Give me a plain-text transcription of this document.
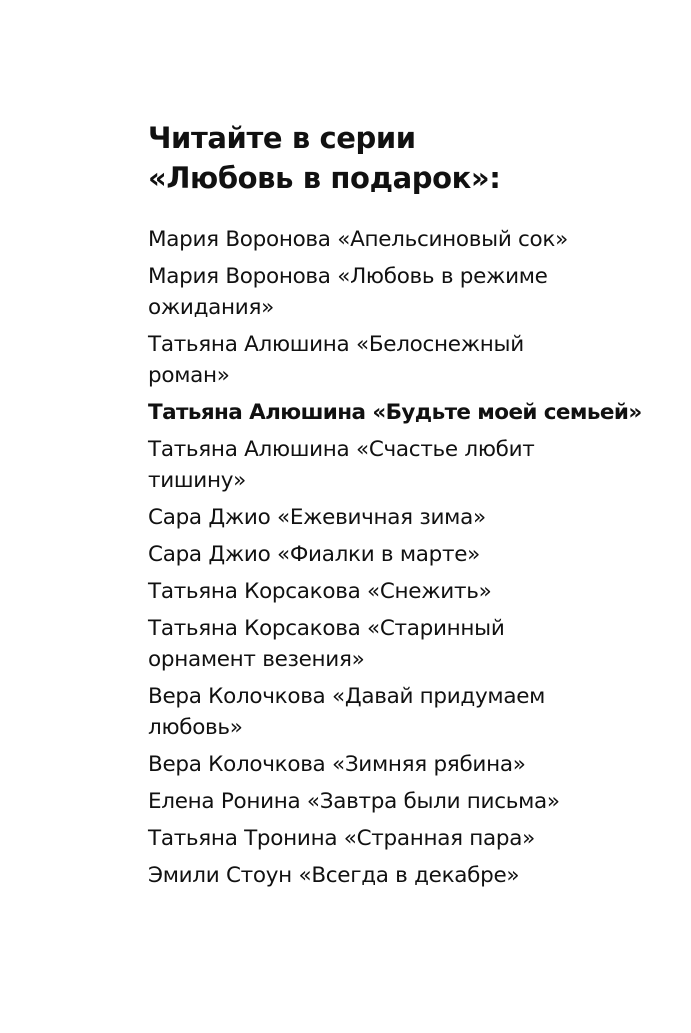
Читайте в серии
«Любовь в подарок»:
Мария Воронова «Апельсиновый сок»
Мария Воронова «Любовь в режиме
ожидания»
Татьяна Алюшина «Белоснежный
роман»
Татьяна Алюшина «Будьте моей семьей»
Татьяна Алюшина «Счастье любит
тишину»
Сара Джио «Ежевичная зима»
Сара Джио «Фиалки в марте»
Татьяна Корсакова «Снежить»
Татьяна Корсакова «Старинный
орнамент везения»
Вера Колочкова «Давай придумаем
любовь»
Вера Колочкова «Зимняя рябина»
Елена Ронина «Завтра были письма»
Татьяна Тронина «Странная пара»
Эмили Стоун «Всегда в декабре»
